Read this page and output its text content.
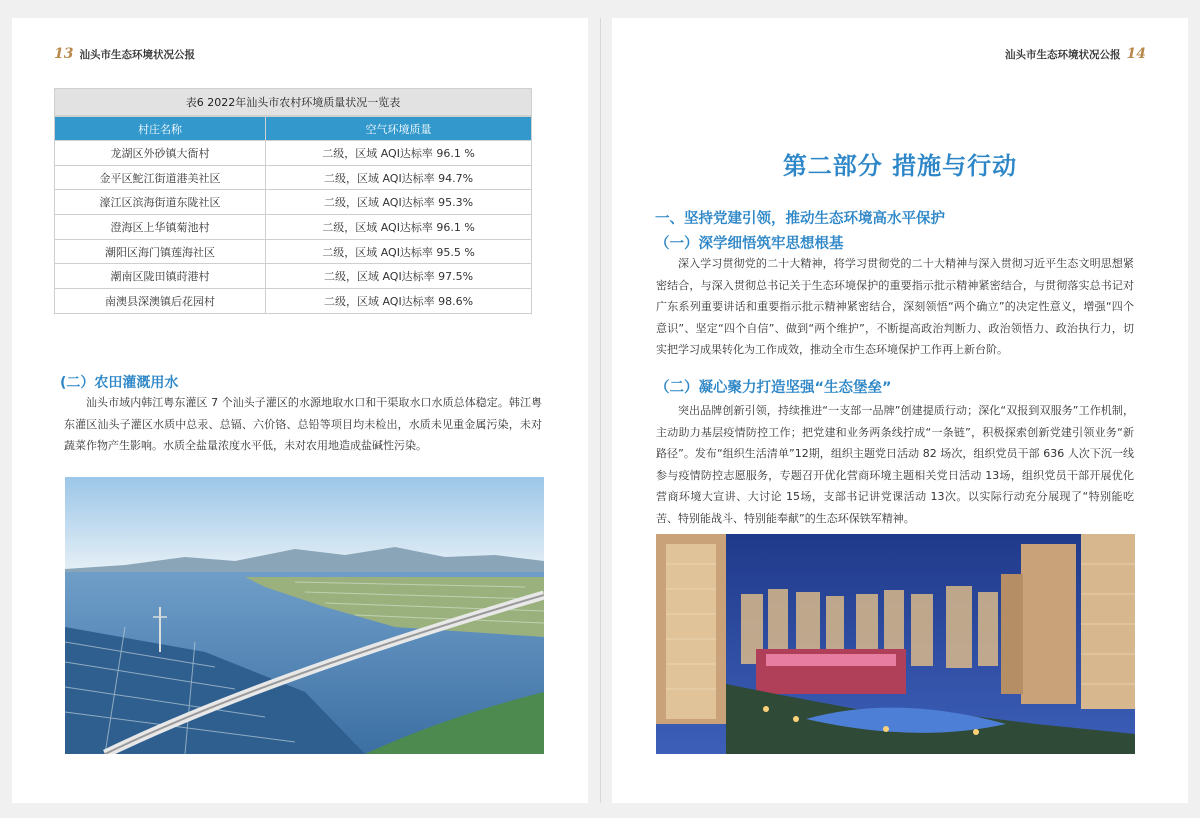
13 汕头市生态环境状况公报	汕头市生态环境状况公报 14
表6 2022年汕头市农村环境质量状况一览表
村庄名称	空气环境质量
龙湖区外砂镇大衙村	二级，区域 AQI达标率 96.1 %
金平区鮀江街道港美社区	二级，区域 AQI达标率 94.7%
濠江区滨海街道东陇社区	二级，区域 AQI达标率 95.3%
澄海区上华镇菊池村	二级，区域 AQI达标率 96.1 %
潮阳区海门镇莲海社区	二级，区域 AQI达标率 95.5 %
潮南区陇田镇莳港村	二级，区域 AQI达标率 97.5%
南澳县深澳镇后花园村	二级，区域 AQI达标率 98.6%
(二）农田灌溉用水
汕头市域内韩江粤东灌区 7 个汕头子灌区的水源地取水口和干渠取水口水质总体稳定。韩江粤东灌区汕头子灌区水质中总汞、总镉、六价铬、总铅等项目均未检出，水质未见重金属污染，未对蔬菜作物产生影响。水质全盐量浓度水平低，未对农用地造成盐碱性污染。
第二部分 措施与行动
一、坚持党建引领，推动生态环境高水平保护
（一）深学细悟筑牢思想根基
深入学习贯彻党的二十大精神，将学习贯彻党的二十大精神与深入贯彻习近平生态文明思想紧密结合，与深入贯彻总书记关于生态环境保护的重要指示批示精神紧密结合，与贯彻落实总书记对广东系列重要讲话和重要指示批示精神紧密结合，深刻领悟“两个确立”的决定性意义，增强“四个意识”、坚定“四个自信”、做到“两个维护”，不断提高政治判断力、政治领悟力、政治执行力，切实把学习成果转化为工作成效，推动全市生态环境保护工作再上新台阶。
（二）凝心聚力打造坚强“生态堡垒”
突出品牌创新引领，持续推进“一支部一品牌”创建提质行动；深化“双报到双服务”工作机制，主动助力基层疫情防控工作；把党建和业务两条线拧成“一条链”，积极探索创新党建引领业务“新路径”。发布“组织生活清单”12期，组织主题党日活动 82 场次，组织党员干部 636 人次下沉一线参与疫情防控志愿服务，专题召开优化营商环境主题相关党日活动 13场，组织党员干部开展优化营商环境大宣讲、大讨论 15场，支部书记讲党课活动 13次。以实际行动充分展现了“特别能吃苦、特别能战斗、特别能奉献”的生态环保铁军精神。
